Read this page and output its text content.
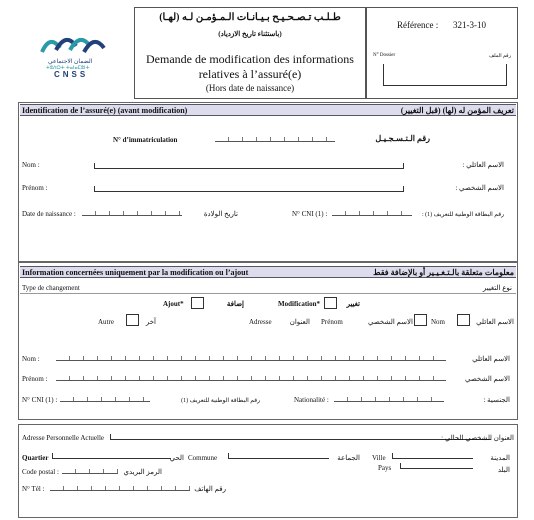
الضمان الاجتماعي
ⵜⵓⴷⵔⵜ ⵜⴰⵏⴰⵎⵓⵏⵜ
CNSS
طـلـب تـصـحـيـح بـيـانـات الـمـؤمـن لـه (لهـا)
(باستثناء تاريخ الازدياد)
Demande de modification des informations
relatives à l’assuré(e)
(Hors date de naissance)
Référence : 321-3-10
N° Dossier	رقم الملف
Identification de l’assuré(e) (avant modification)	تعريف المؤمن له (لها) (قبل التغيير)
N° d’immatriculation	رقم الـتـسـجـيـل
Nom :	الاسم العائلي :
Prénom :	الاسم الشخصي :
Date de naissance :	تاريخ الولادة	N° CNI (1) :	رقم البطاقة الوطنية للتعريف (1) :
Information concernées uniquement par la modification ou l’ajout	معلومات متعلقة بالـتـغـيـير أو بالإضافة فقط
Type de changement	نوع التغيير
Ajout*	إضافة	Modification*	تغيير
Autre	آخر	Adresse	العنوان Prénom	الاسم الشخصي	Nom	الاسم العائلي
Nom :	الاسم العائلي
Prénom :	الاسم الشخصي
N° CNI (1) :	رقم البطاقة الوطنية للتعريف (1)	Nationalité :	الجنسية :
Adresse Personnelle Actuelle	العنوان الشخصي الحالي :
Quartier	الحي Commune	الجماعة Ville	المدينة
Code postal :	الرمز البريدي	Pays	البلد
N° Tél :	رقم الهاتف
